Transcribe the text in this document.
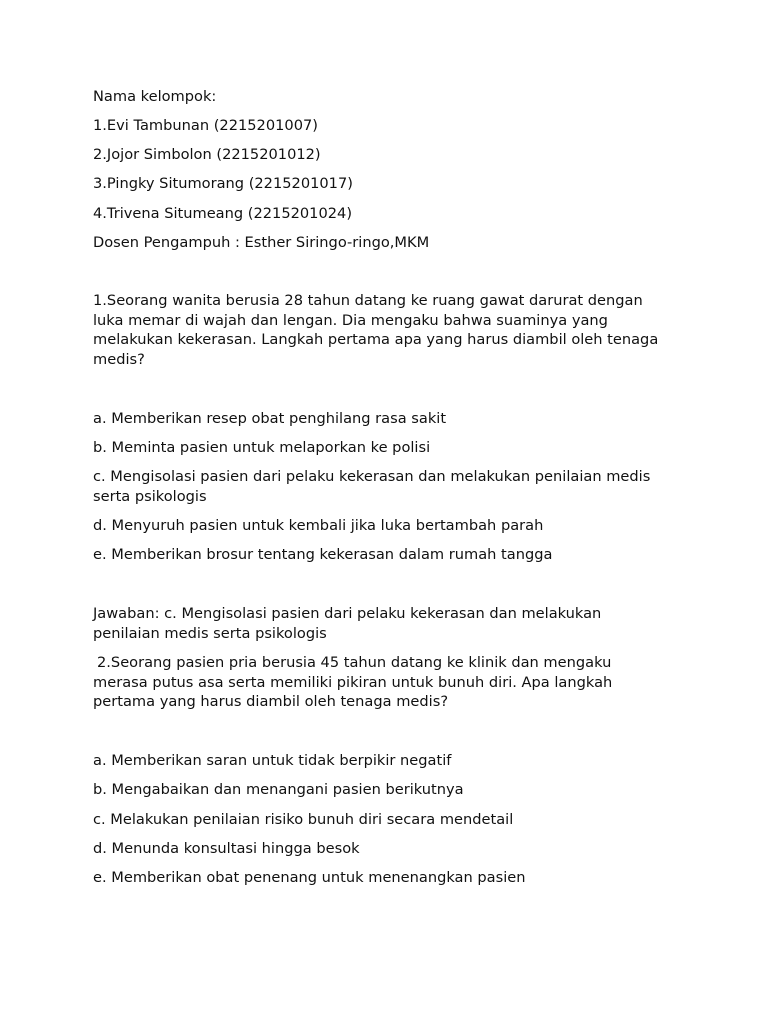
Nama kelompok:
1.Evi Tambunan (2215201007)
2.Jojor Simbolon (2215201012)
3.Pingky Situmorang (2215201017)
4.Trivena Situmeang (2215201024)
Dosen Pengampuh : Esther Siringo-ringo,MKM
1.Seorang wanita berusia 28 tahun datang ke ruang gawat darurat dengan luka memar di wajah dan lengan. Dia mengaku bahwa suaminya yang melakukan kekerasan. Langkah pertama apa yang harus diambil oleh tenaga medis?
a. Memberikan resep obat penghilang rasa sakit
b. Meminta pasien untuk melaporkan ke polisi
c. Mengisolasi pasien dari pelaku kekerasan dan melakukan penilaian medis serta psikologis
d. Menyuruh pasien untuk kembali jika luka bertambah parah
e. Memberikan brosur tentang kekerasan dalam rumah tangga
Jawaban: c. Mengisolasi pasien dari pelaku kekerasan dan melakukan penilaian medis serta psikologis
2.Seorang pasien pria berusia 45 tahun datang ke klinik dan mengaku merasa putus asa serta memiliki pikiran untuk bunuh diri. Apa langkah pertama yang harus diambil oleh tenaga medis?
a. Memberikan saran untuk tidak berpikir negatif
b. Mengabaikan dan menangani pasien berikutnya
c. Melakukan penilaian risiko bunuh diri secara mendetail
d. Menunda konsultasi hingga besok
e. Memberikan obat penenang untuk menenangkan pasien
